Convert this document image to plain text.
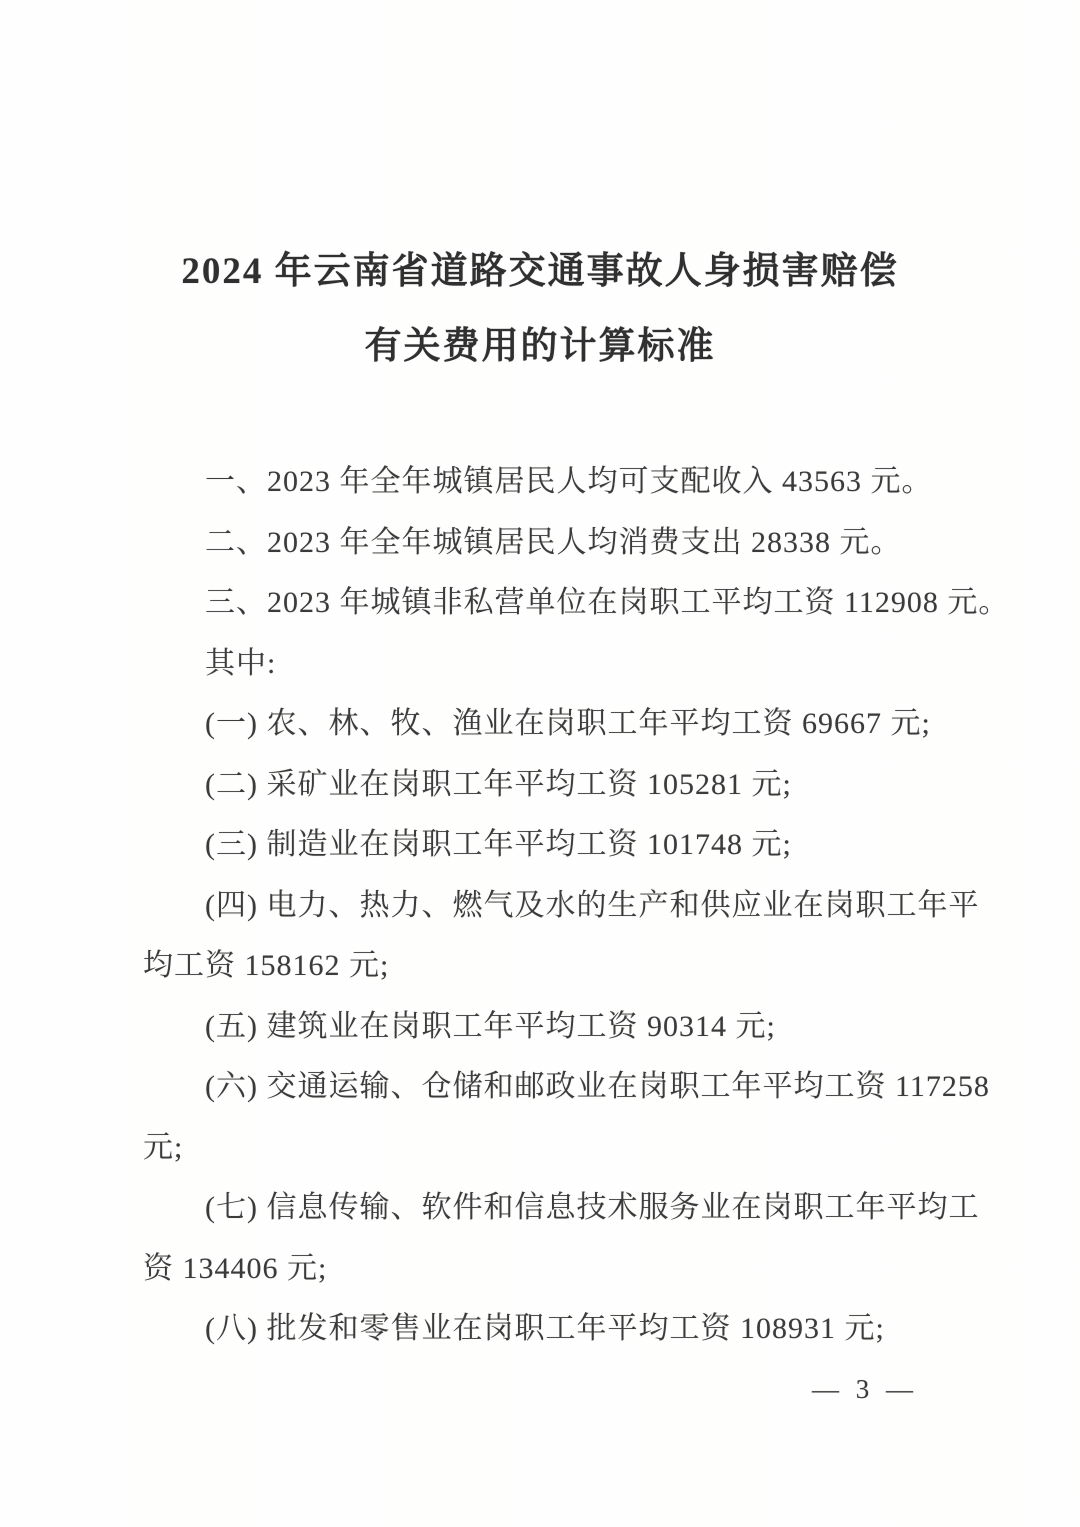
2024 年云南省道路交通事故人身损害赔偿
有关费用的计算标准
一、2023 年全年城镇居民人均可支配收入 43563 元。
二、2023 年全年城镇居民人均消费支出 28338 元。
三、2023 年城镇非私营单位在岗职工平均工资 112908 元。
其中:
(一) 农、林、牧、渔业在岗职工年平均工资 69667 元;
(二) 采矿业在岗职工年平均工资 105281 元;
(三) 制造业在岗职工年平均工资 101748 元;
(四) 电力、热力、燃气及水的生产和供应业在岗职工年平
均工资 158162 元;
(五) 建筑业在岗职工年平均工资 90314 元;
(六) 交通运输、仓储和邮政业在岗职工年平均工资 117258
元;
(七) 信息传输、软件和信息技术服务业在岗职工年平均工
资 134406 元;
(八) 批发和零售业在岗职工年平均工资 108931 元;
— 3 —
